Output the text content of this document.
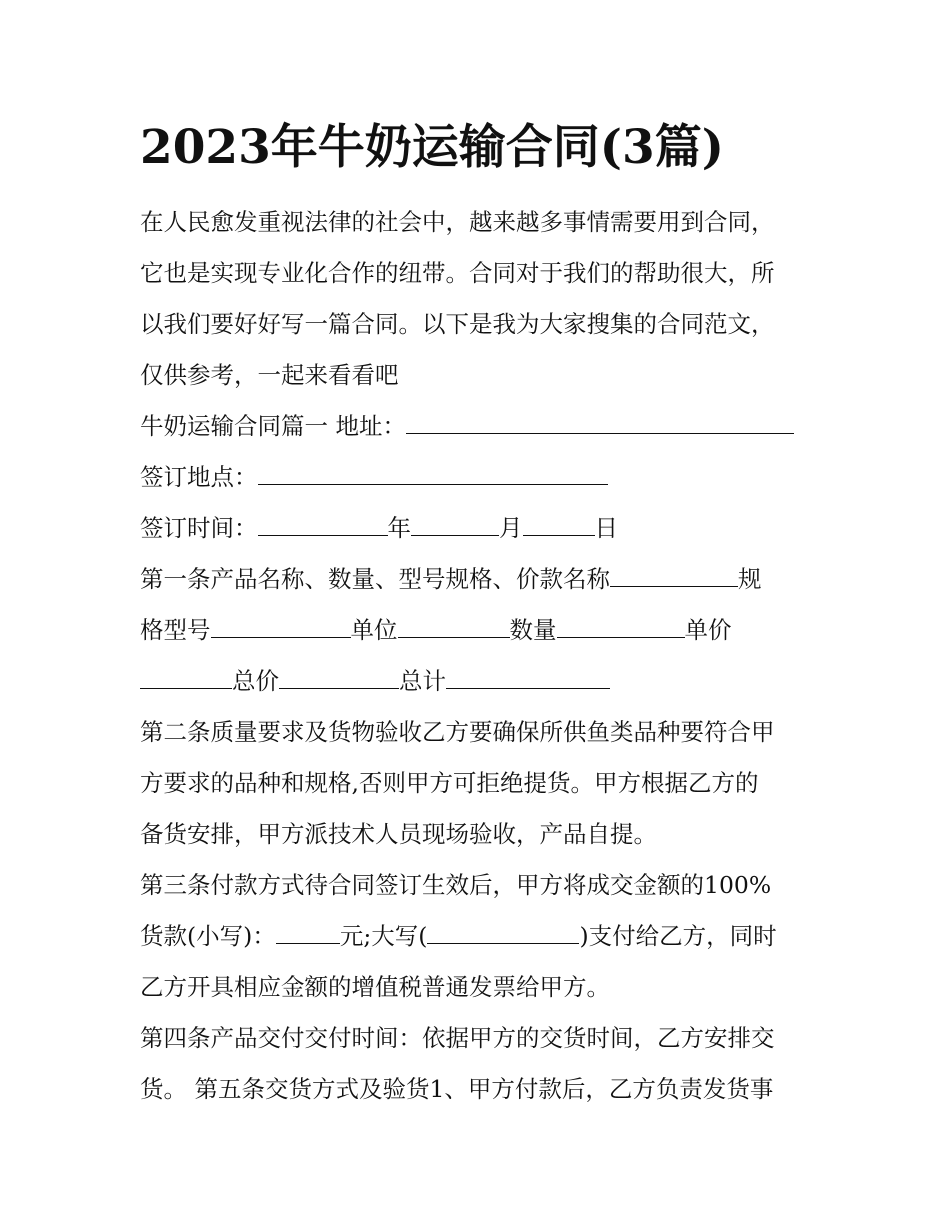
2023年牛奶运输合同(3篇)
在人民愈发重视法律的社会中，越来越多事情需要用到合同，
它也是实现专业化合作的纽带。合同对于我们的帮助很大，所
以我们要好好写一篇合同。以下是我为大家搜集的合同范文，
仅供参考，一起来看看吧
牛奶运输合同篇一 地址：
签订地点：
签订时间：	年	月	日
第一条产品名称、数量、型号规格、价款名称	规
格型号	单位	数量	单价
总价	总计
第二条质量要求及货物验收乙方要确保所供鱼类品种要符合甲
方要求的品种和规格,否则甲方可拒绝提货。甲方根据乙方的
备货安排，甲方派技术人员现场验收，产品自提。
第三条付款方式待合同签订生效后，甲方将成交金额的100%
货款(小写)：	元;大写(	)支付给乙方，同时
乙方开具相应金额的增值税普通发票给甲方。
第四条产品交付交付时间：依据甲方的交货时间，乙方安排交
货。 第五条交货方式及验货1、甲方付款后，乙方负责发货事
